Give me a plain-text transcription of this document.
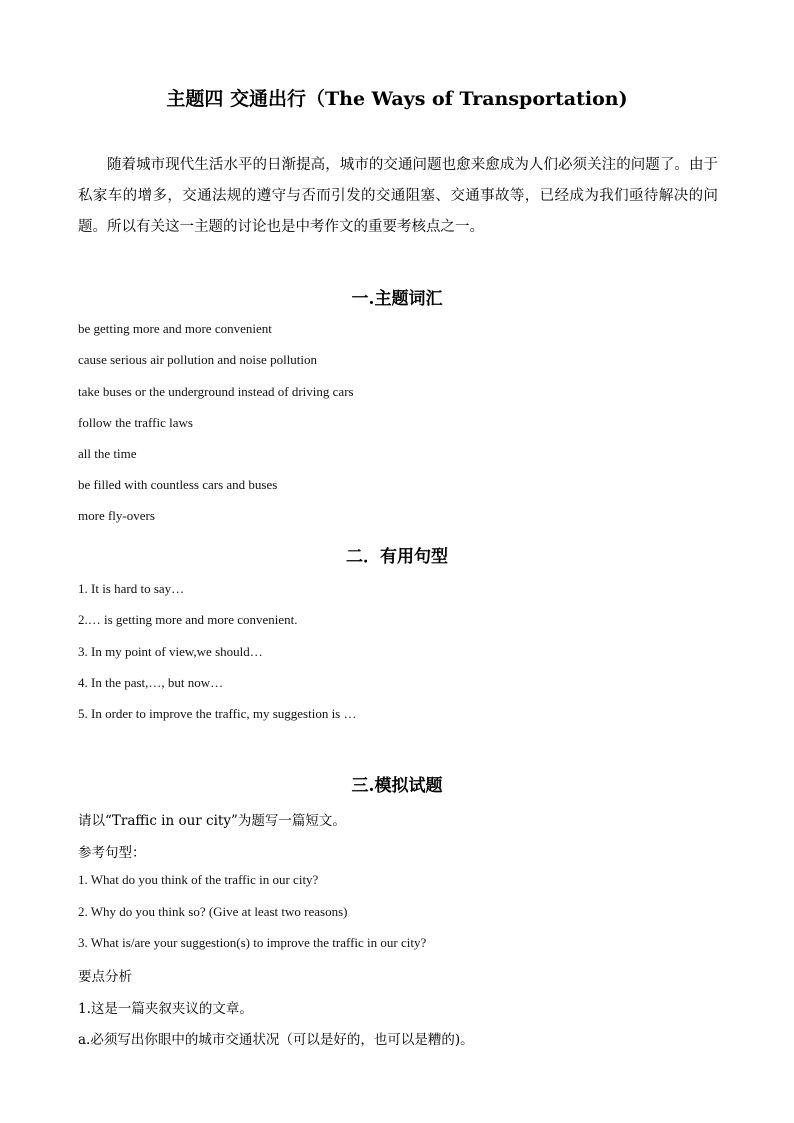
主题四 交通出行（The Ways of Transportation)
随着城市现代生活水平的日渐提高，城市的交通问题也愈来愈成为人们必须关注的问题了。由于私家车的增多，交通法规的遵守与否而引发的交通阻塞、交通事故等，已经成为我们亟待解决的问题。所以有关这一主题的讨论也是中考作文的重要考核点之一。
一.主题词汇
be getting more and more convenient
cause serious air pollution and noise pollution
take buses or the underground instead of driving cars
follow the traffic laws
all the time
be filled with countless cars and buses
more fly-overs
二．有用句型
1. It is hard to say…
2.… is getting more and more convenient.
3. In my point of view,we should…
4. In the past,…, but now…
5. In order to improve the traffic, my suggestion is …
三.模拟试题
请以“Traffic in our city”为题写一篇短文。
参考句型：
1. What do you think of the traffic in our city?
2. Why do you think so? (Give at least two reasons)
3. What is/are your suggestion(s) to improve the traffic in our city?
要点分析
1.这是一篇夹叙夹议的文章。
a.必须写出你眼中的城市交通状况（可以是好的，也可以是糟的)。
